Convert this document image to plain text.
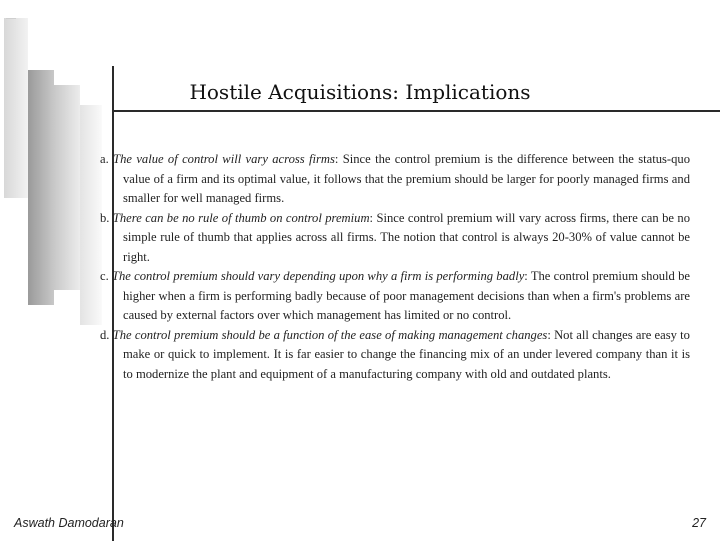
Hostile Acquisitions: Implications

a. The value of control will vary across firms: Since the control premium is the difference between the status-quo value of a firm and its optimal value, it follows that the premium should be larger for poorly managed firms and smaller for well managed firms.

b. There can be no rule of thumb on control premium: Since control premium will vary across firms, there can be no simple rule of thumb that applies across all firms. The notion that control is always 20-30% of value cannot be right.

c. The control premium should vary depending upon why a firm is performing badly: The control premium should be higher when a firm is performing badly because of poor management decisions than when a firm's problems are caused by external factors over which management has limited or no control.

d. The control premium should be a function of the ease of making management changes: Not all changes are easy to make or quick to implement. It is far easier to change the financing mix of an under levered company than it is to modernize the plant and equipment of a manufacturing company with old and outdated plants.

Aswath Damodaran	27
